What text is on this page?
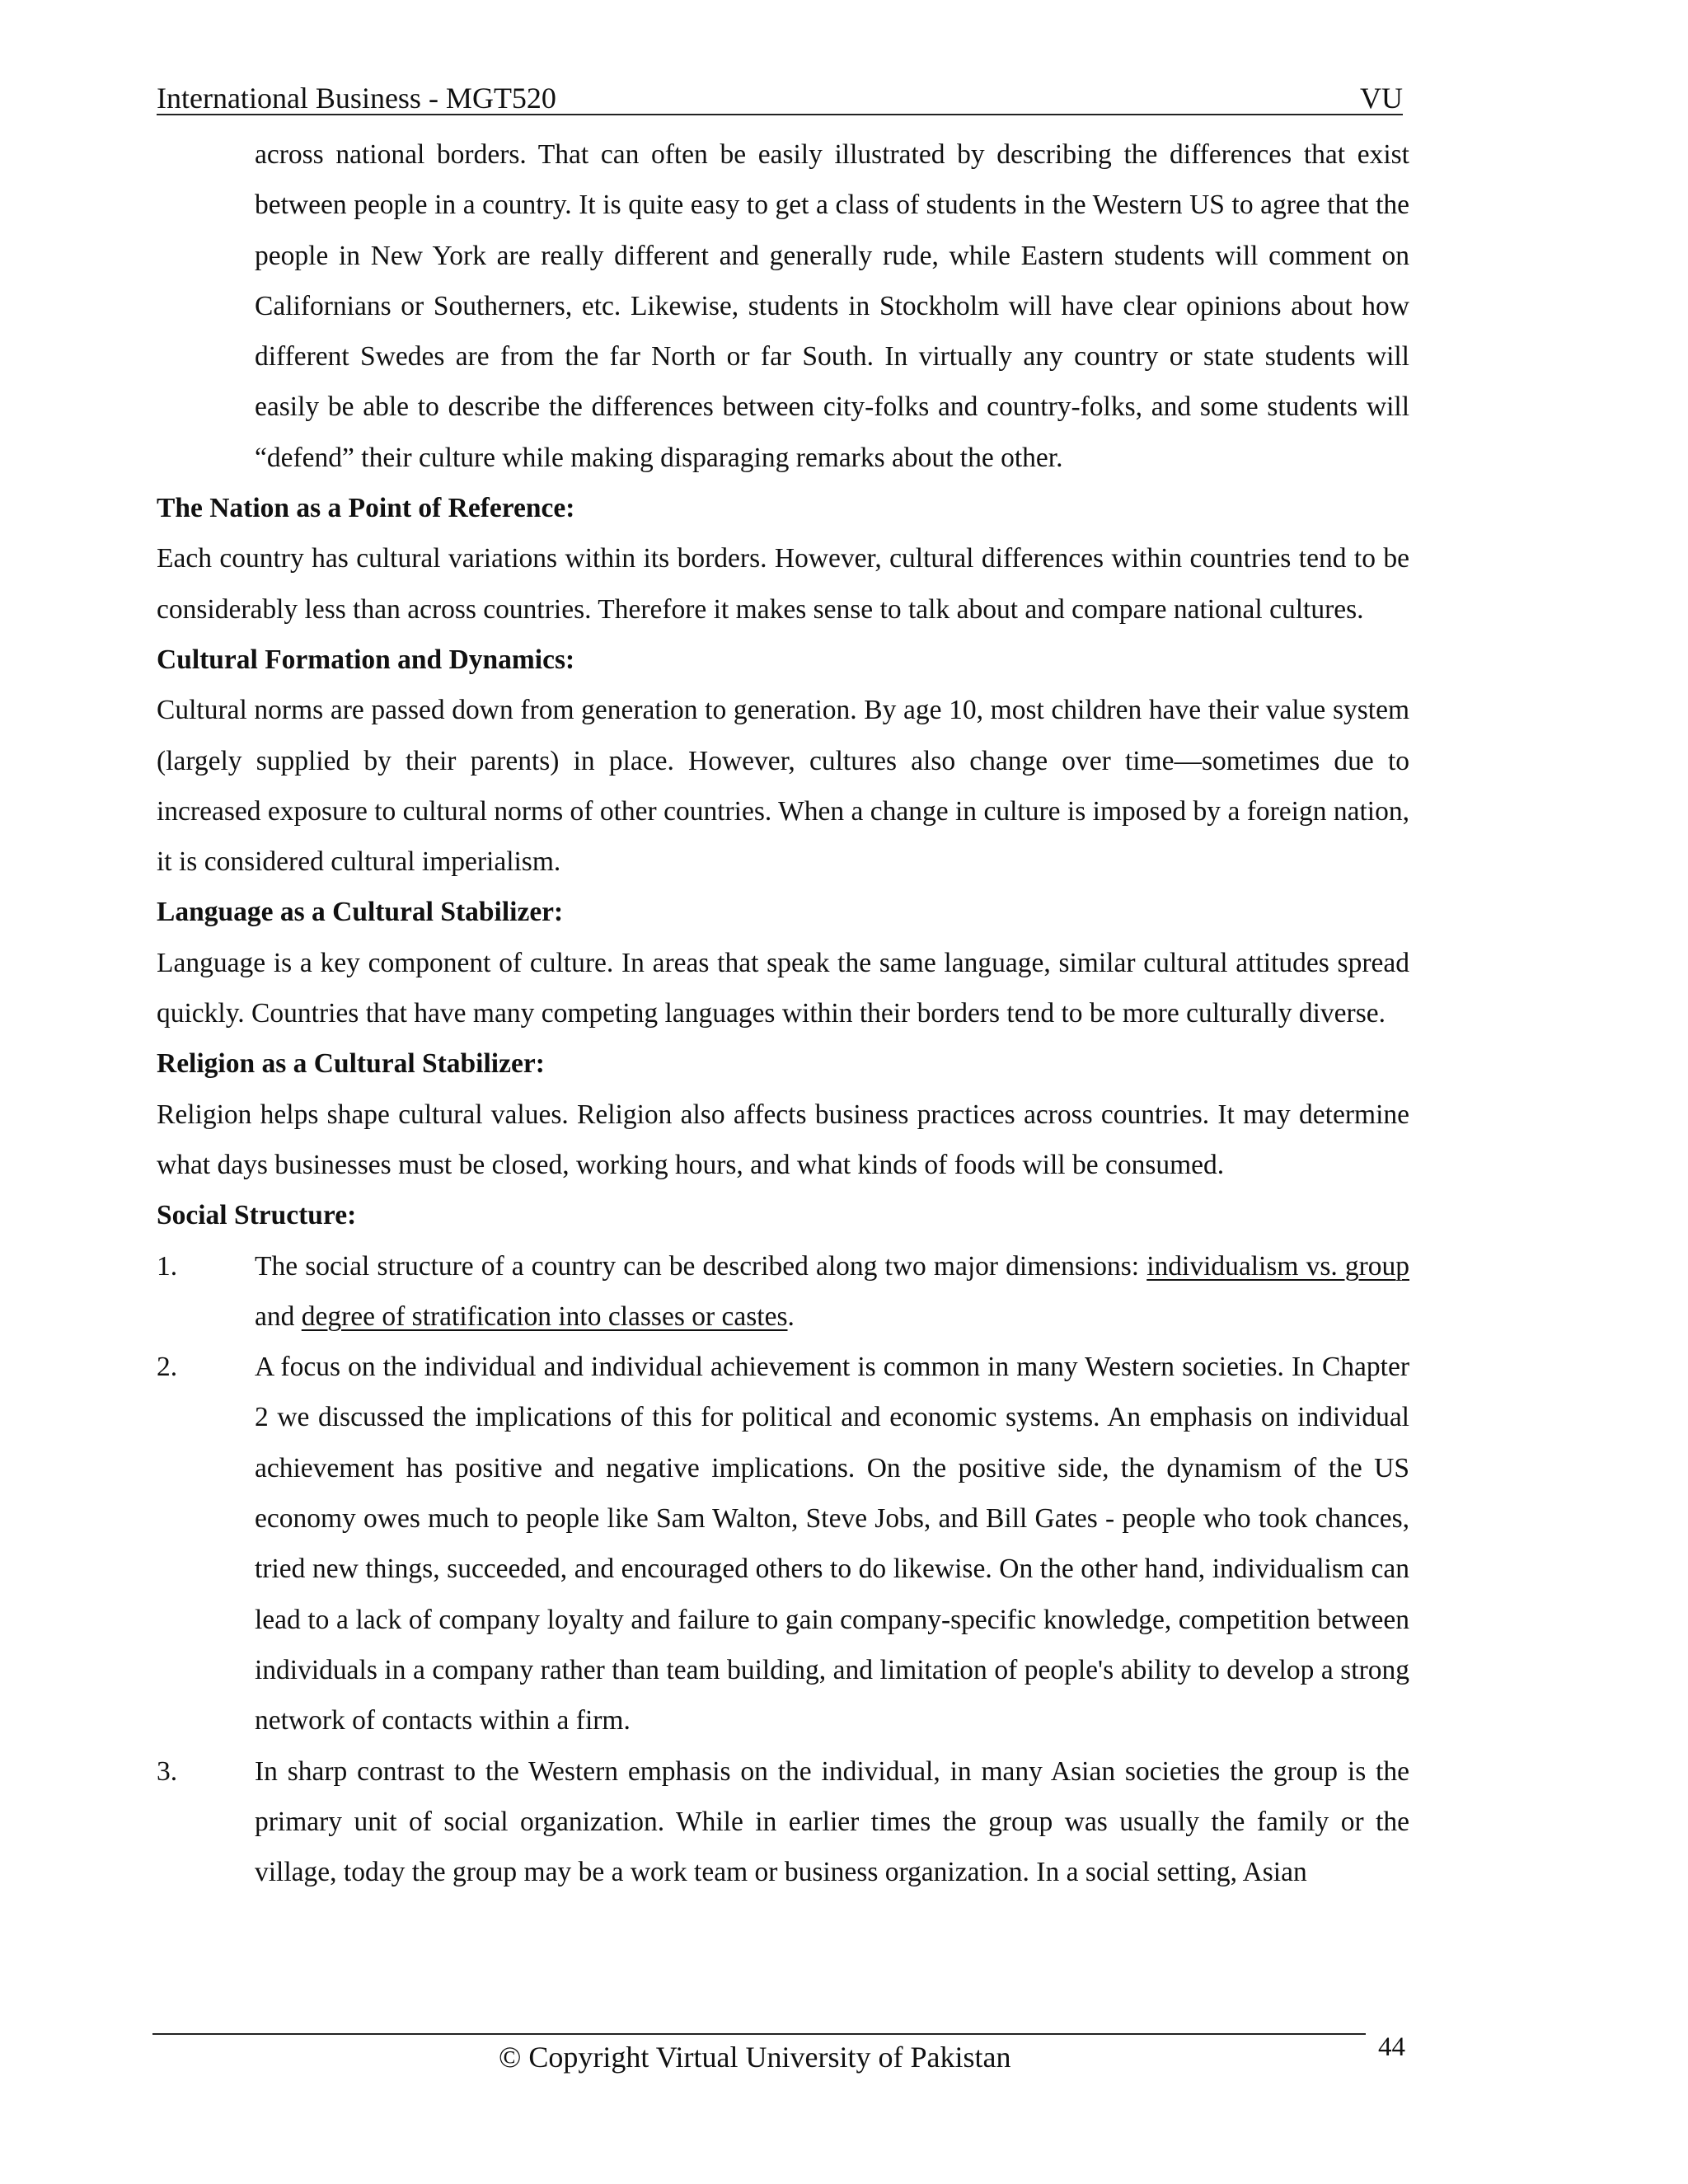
International Business - MGT520	VU

across national borders. That can often be easily illustrated by describing the differences that exist between people in a country. It is quite easy to get a class of students in the Western US to agree that the people in New York are really different and generally rude, while Eastern students will comment on Californians or Southerners, etc. Likewise, students in Stockholm will have clear opinions about how different Swedes are from the far North or far South. In virtually any country or state students will easily be able to describe the differences between city-folks and country-folks, and some students will “defend” their culture while making disparaging remarks about the other.

The Nation as a Point of Reference:

Each country has cultural variations within its borders. However, cultural differences within countries tend to be considerably less than across countries. Therefore it makes sense to talk about and compare national cultures.

Cultural Formation and Dynamics:

Cultural norms are passed down from generation to generation. By age 10, most children have their value system (largely supplied by their parents) in place. However, cultures also change over time—sometimes due to increased exposure to cultural norms of other countries. When a change in culture is imposed by a foreign nation, it is considered cultural imperialism.

Language as a Cultural Stabilizer:

Language is a key component of culture. In areas that speak the same language, similar cultural attitudes spread quickly. Countries that have many competing languages within their borders tend to be more culturally diverse.

Religion as a Cultural Stabilizer:

Religion helps shape cultural values. Religion also affects business practices across countries. It may determine what days businesses must be closed, working hours, and what kinds of foods will be consumed.

Social Structure:

1.	The social structure of a country can be described along two major dimensions: individualism vs. group and degree of stratification into classes or castes.
2.	A focus on the individual and individual achievement is common in many Western societies. In Chapter 2 we discussed the implications of this for political and economic systems. An emphasis on individual achievement has positive and negative implications. On the positive side, the dynamism of the US economy owes much to people like Sam Walton, Steve Jobs, and Bill Gates - people who took chances, tried new things, succeeded, and encouraged others to do likewise. On the other hand, individualism can lead to a lack of company loyalty and failure to gain company-specific knowledge, competition between individuals in a company rather than team building, and limitation of people's ability to develop a strong network of contacts within a firm.
3.	In sharp contrast to the Western emphasis on the individual, in many Asian societies the group is the primary unit of social organization. While in earlier times the group was usually the family or the village, today the group may be a work team or business organization. In a social setting, Asian
© Copyright Virtual University of Pakistan	44
